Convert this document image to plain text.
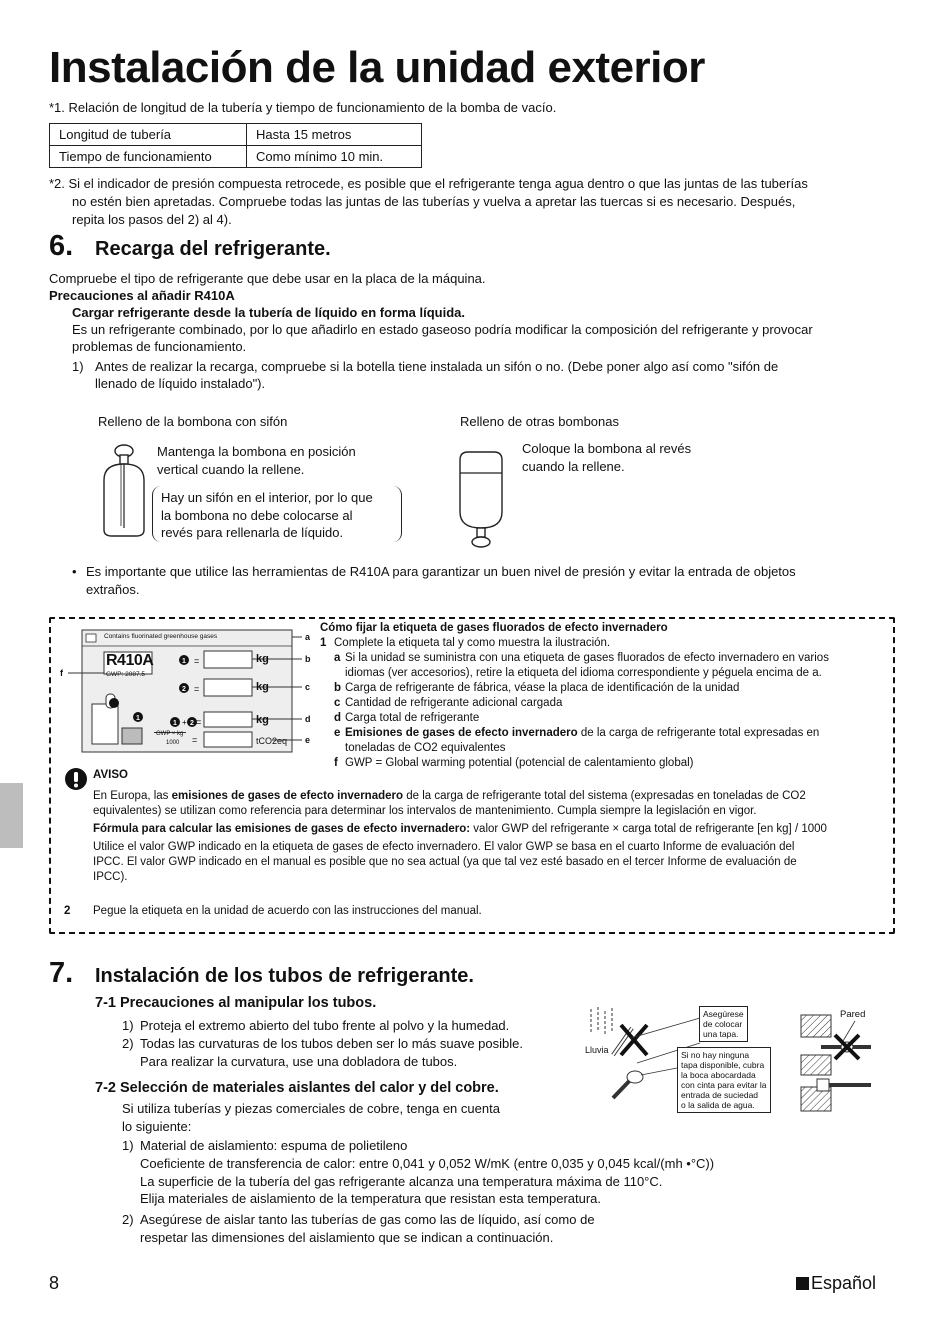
Instalación de la unidad exterior
*1. Relación de longitud de la tubería y tiempo de funcionamiento de la bomba de vacío.
Longitud de tubería	Hasta 15 metros
Tiempo de funcionamiento	Como mínimo 10 min.
*2. Si el indicador de presión compuesta retrocede, es posible que el refrigerante tenga agua dentro o que las juntas de las tuberías
no estén bien apretadas. Compruebe todas las juntas de las tuberías y vuelva a apretar las tuercas si es necesario. Después,
repita los pasos del 2) al 4).
6.	Recarga del refrigerante.
Compruebe el tipo de refrigerante que debe usar en la placa de la máquina.
Precauciones al añadir R410A
Cargar refrigerante desde la tubería de líquido en forma líquida.
Es un refrigerante combinado, por lo que añadirlo en estado gaseoso podría modificar la composición del refrigerante y provocar
problemas de funcionamiento.
1) Antes de realizar la recarga, compruebe si la botella tiene instalada un sifón o no. (Debe poner algo así como "sifón de
llenado de líquido instalado").
Relleno de la bombona con sifón	Relleno de otras bombonas
Mantenga la bombona en posición
vertical cuando la rellene.
Hay un sifón en el interior, por lo que
la bombona no debe colocarse al
revés para rellenarla de líquido.
Coloque la bombona al revés
cuando la rellene.
• Es importante que utilice las herramientas de R410A para garantizar un buen nivel de presión y evitar la entrada de objetos
extraños.
1
2
1
1 2
=
=
+ =
=
Contains fluorinated greenhouse gases
R410A
GWP: 2087.5
kg
kg
kg
tCO2eq
GWP × kg
1000
a
b
c
d
e
f
Cómo fijar la etiqueta de gases fluorados de efecto invernadero
1 Complete la etiqueta tal y como muestra la ilustración.
a Si la unidad se suministra con una etiqueta de gases fluorados de efecto invernadero en varios
idiomas (ver accesorios), retire la etiqueta del idioma correspondiente y péguela encima de a.
b Carga de refrigerante de fábrica, véase la placa de identificación de la unidad
c Cantidad de refrigerante adicional cargada
d Carga total de refrigerante
e Emisiones de gases de efecto invernadero de la carga de refrigerante total expresadas en
toneladas de CO2 equivalentes
f GWP = Global warming potential (potencial de calentamiento global)
AVISO
En Europa, las emisiones de gases de efecto invernadero de la carga de refrigerante total del sistema (expresadas en toneladas de CO2
equivalentes) se utilizan como referencia para determinar los intervalos de mantenimiento. Cumpla siempre la legislación en vigor.
Fórmula para calcular las emisiones de gases de efecto invernadero: valor GWP del refrigerante × carga total de refrigerante [en kg] / 1000
Utilice el valor GWP indicado en la etiqueta de gases de efecto invernadero. El valor GWP se basa en el cuarto Informe de evaluación del
IPCC. El valor GWP indicado en el manual es posible que no sea actual (ya que tal vez esté basado en el tercer Informe de evaluación de
IPCC).
2	Pegue la etiqueta en la unidad de acuerdo con las instrucciones del manual.
7.	Instalación de los tubos de refrigerante.
7-1 Precauciones al manipular los tubos.
1) Proteja el extremo abierto del tubo frente al polvo y la humedad.
2) Todas las curvaturas de los tubos deben ser lo más suave posible.
Para realizar la curvatura, use una dobladora de tubos.
7-2 Selección de materiales aislantes del calor y del cobre.
Si utiliza tuberías y piezas comerciales de cobre, tenga en cuenta
lo siguiente:
1) Material de aislamiento: espuma de polietileno
Coeficiente de transferencia de calor: entre 0,041 y 0,052 W/mK (entre 0,035 y 0,045 kcal/(mh •°C))
La superficie de la tubería del gas refrigerante alcanza una temperatura máxima de 110°C.
Elija materiales de aislamiento de la temperatura que resistan esta temperatura.
2) Asegúrese de aislar tanto las tuberías de gas como las de líquido, así como de
respetar las dimensiones del aislamiento que se indican a continuación.
Lluvia
Asegúrese
de colocar
una tapa.
Si no hay ninguna
tapa disponible, cubra
la boca abocardada
con cinta para evitar la
entrada de suciedad
o la salida de agua.
Pared
8	Español
